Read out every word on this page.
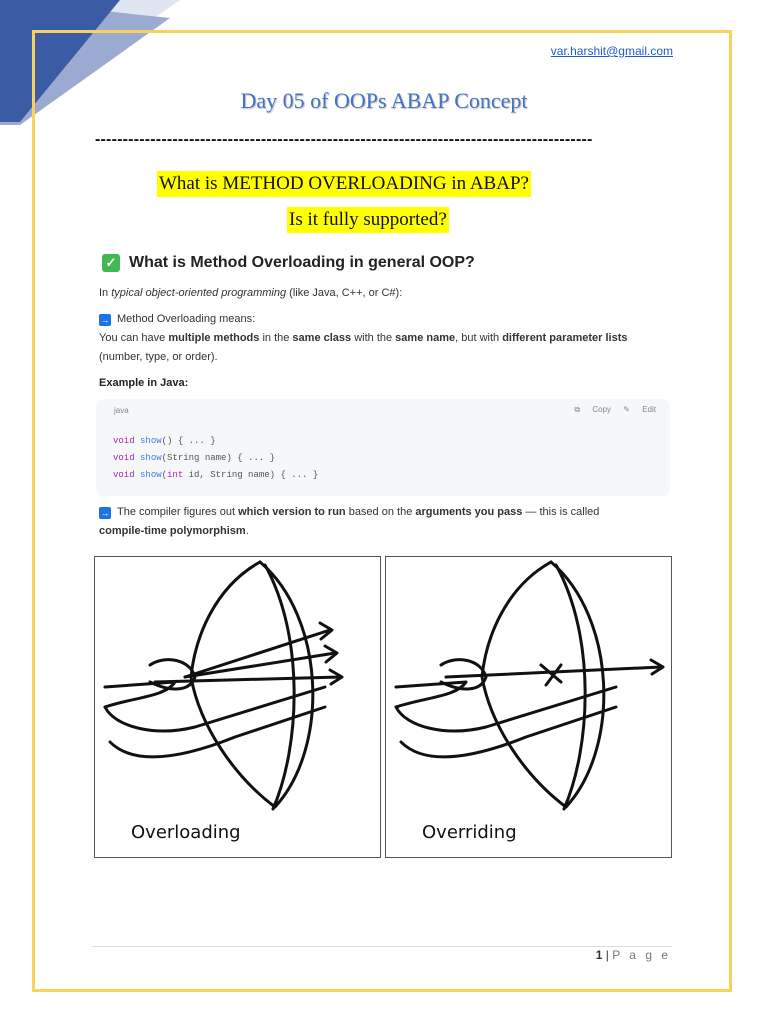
var.harshit@gmail.com
Day 05 of OOPs ABAP Concept
------------------------------------------------------------------------------------------
What is METHOD OVERLOADING in ABAP?
Is it fully supported?
✓ What is Method Overloading in general OOP?
In typical object-oriented programming (like Java, C++, or C#):
→ Method Overloading means:
You can have multiple methods in the same class with the same name, but with different parameter lists
(number, type, or order).
Example in Java:
java	⧉ Copy ✎ Edit
void show() { ... }
void show(String name) { ... }
void show(int id, String name) { ... }
→ The compiler figures out which version to run based on the arguments you pass — this is called
compile-time polymorphism.
Overloading	Overriding
1 | P a g e
